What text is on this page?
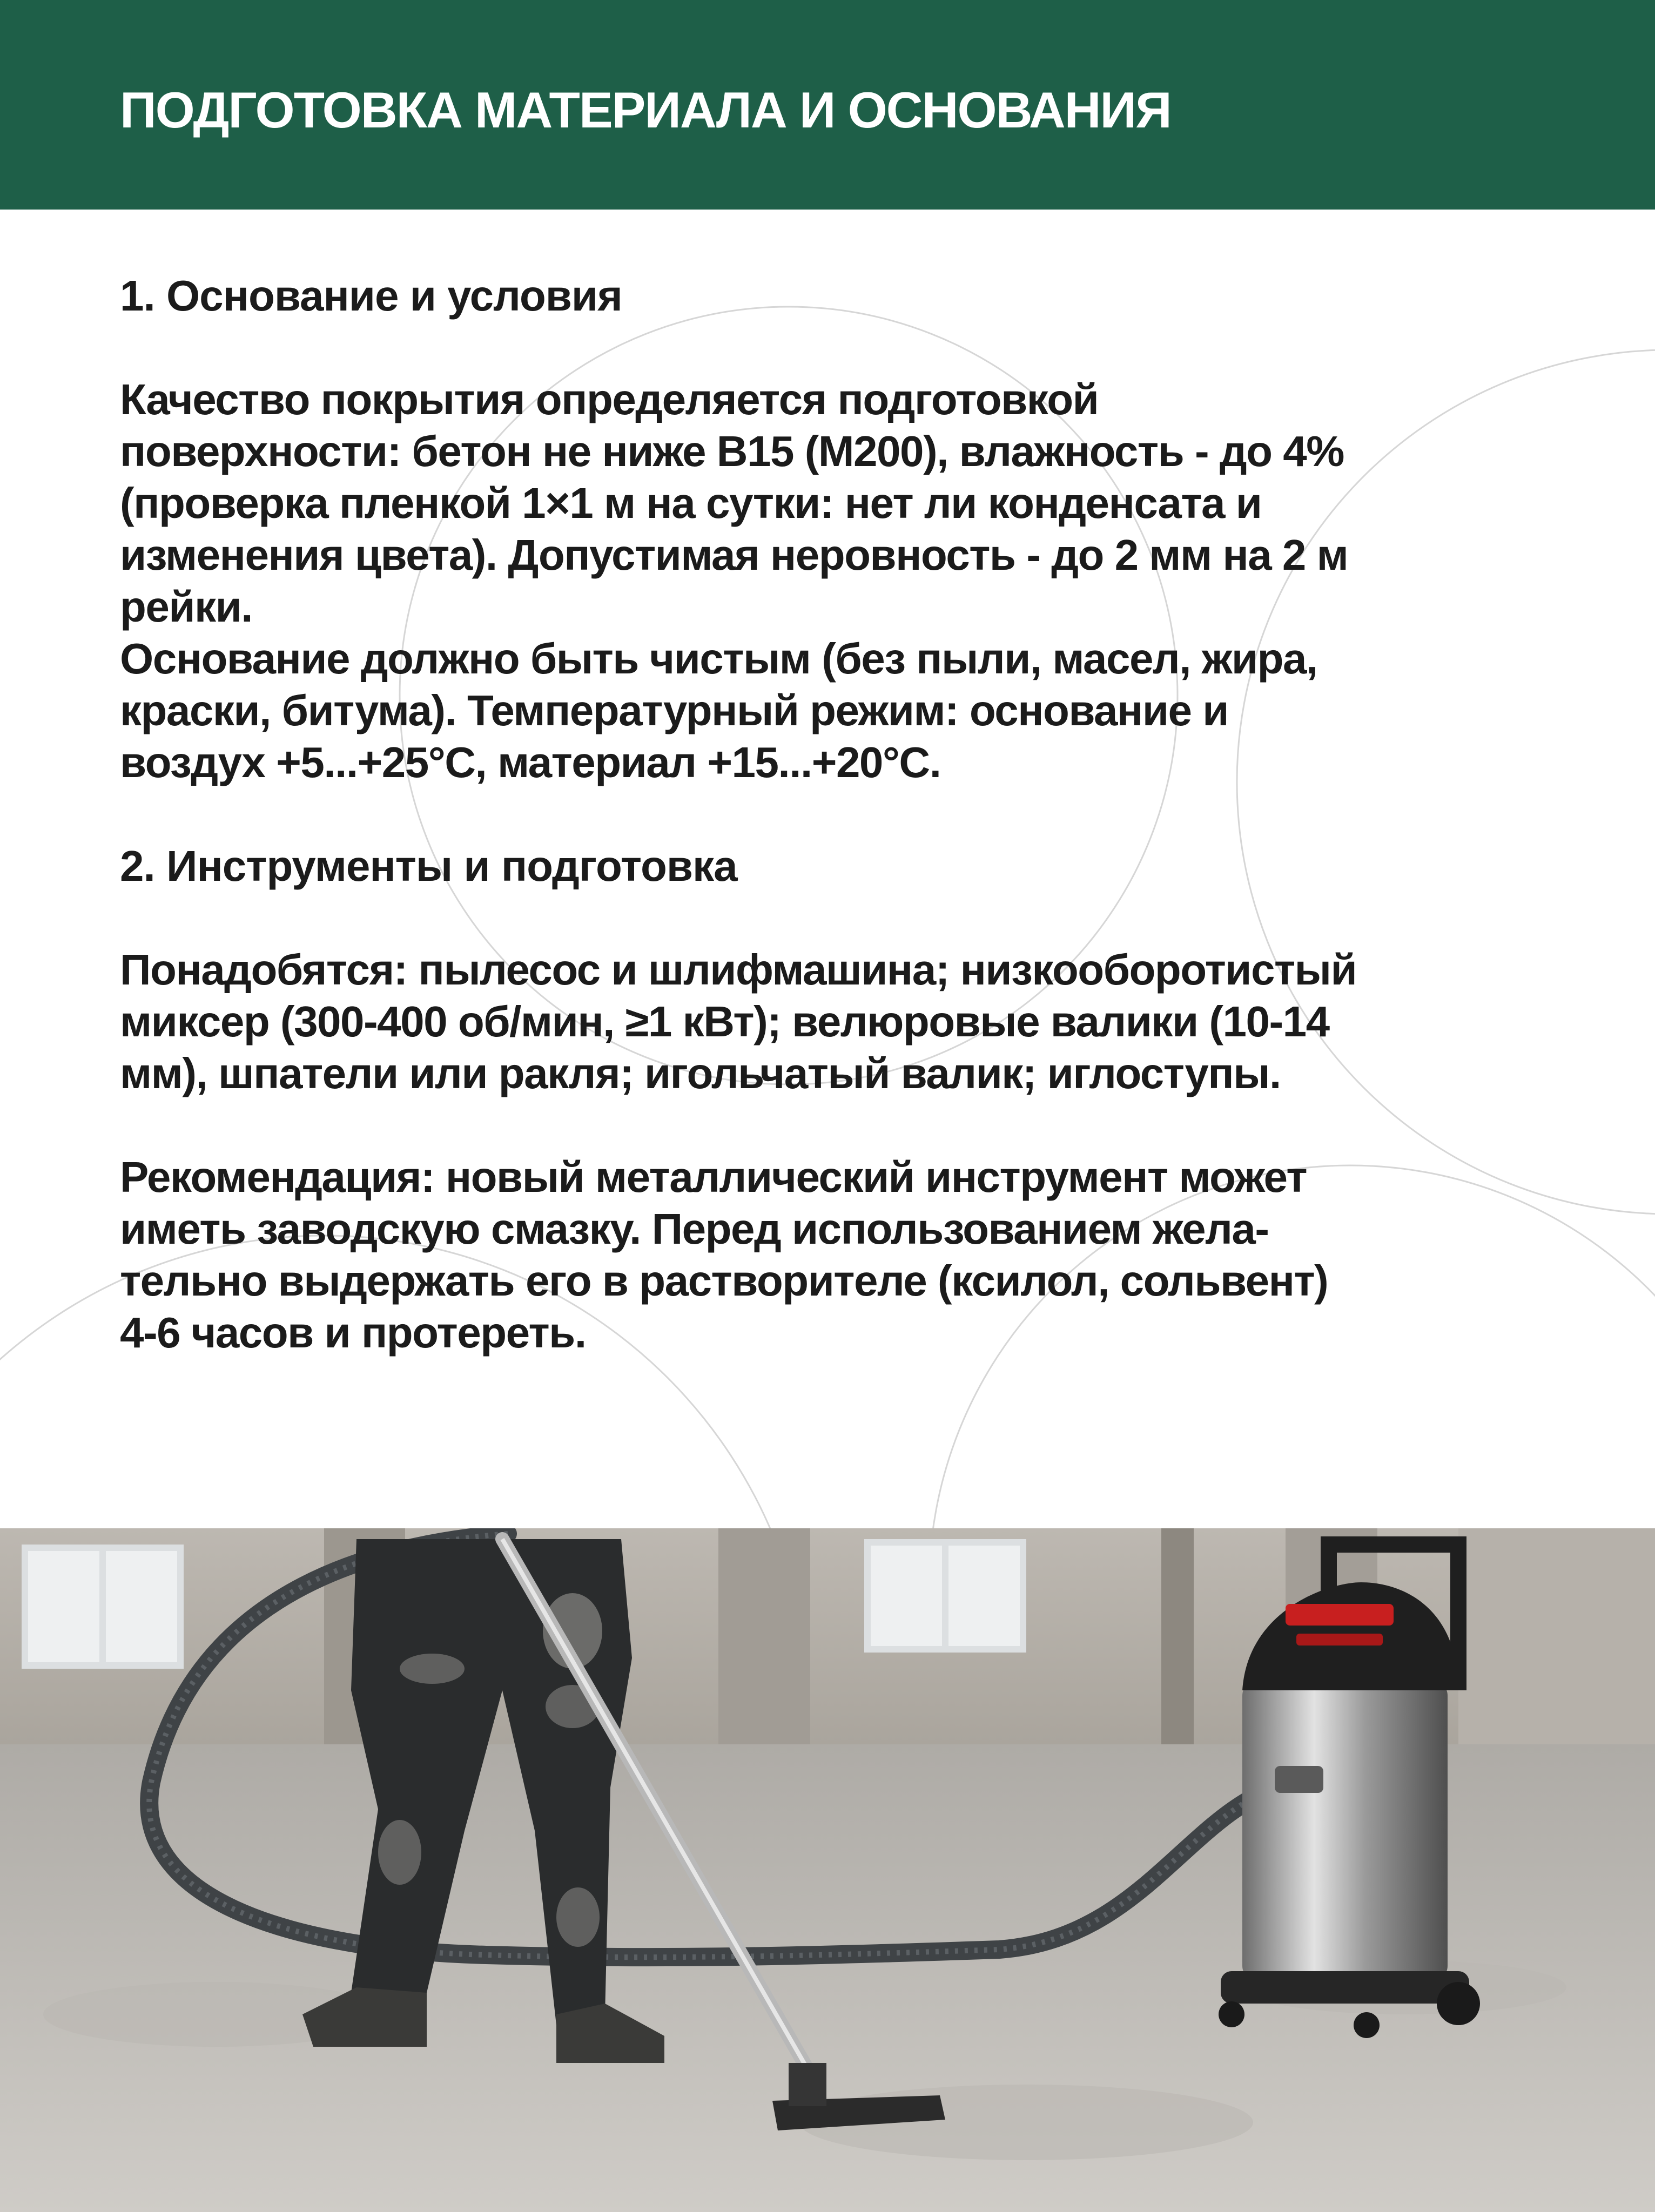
ПОДГОТОВКА МАТЕРИАЛА И ОСНОВАНИЯ

1. Основание и условия

Качество покрытия определяется подготовкой
поверхности: бетон не ниже B15 (M200), влажность - до 4%
(проверка пленкой 1×1 м на сутки: нет ли конденсата и
изменения цвета). Допустимая неровность - до 2 мм на 2 м
рейки.
Основание должно быть чистым (без пыли, масел, жира,
краски, битума). Температурный режим: основание и
воздух +5...+25°C, материал +15...+20°C.

2. Инструменты и подготовка

Понадобятся: пылесос и шлифмашина; низкооборотистый
миксер (300-400 об/мин, ≥1 кВт); велюровые валики (10-14
мм), шпатели или ракля; игольчатый валик; иглоступы.

Рекомендация: новый металлический инструмент может
иметь заводскую смазку. Перед использованием жела-
тельно выдержать его в растворителе (ксилол, сольвент)
4-6 часов и протереть.
